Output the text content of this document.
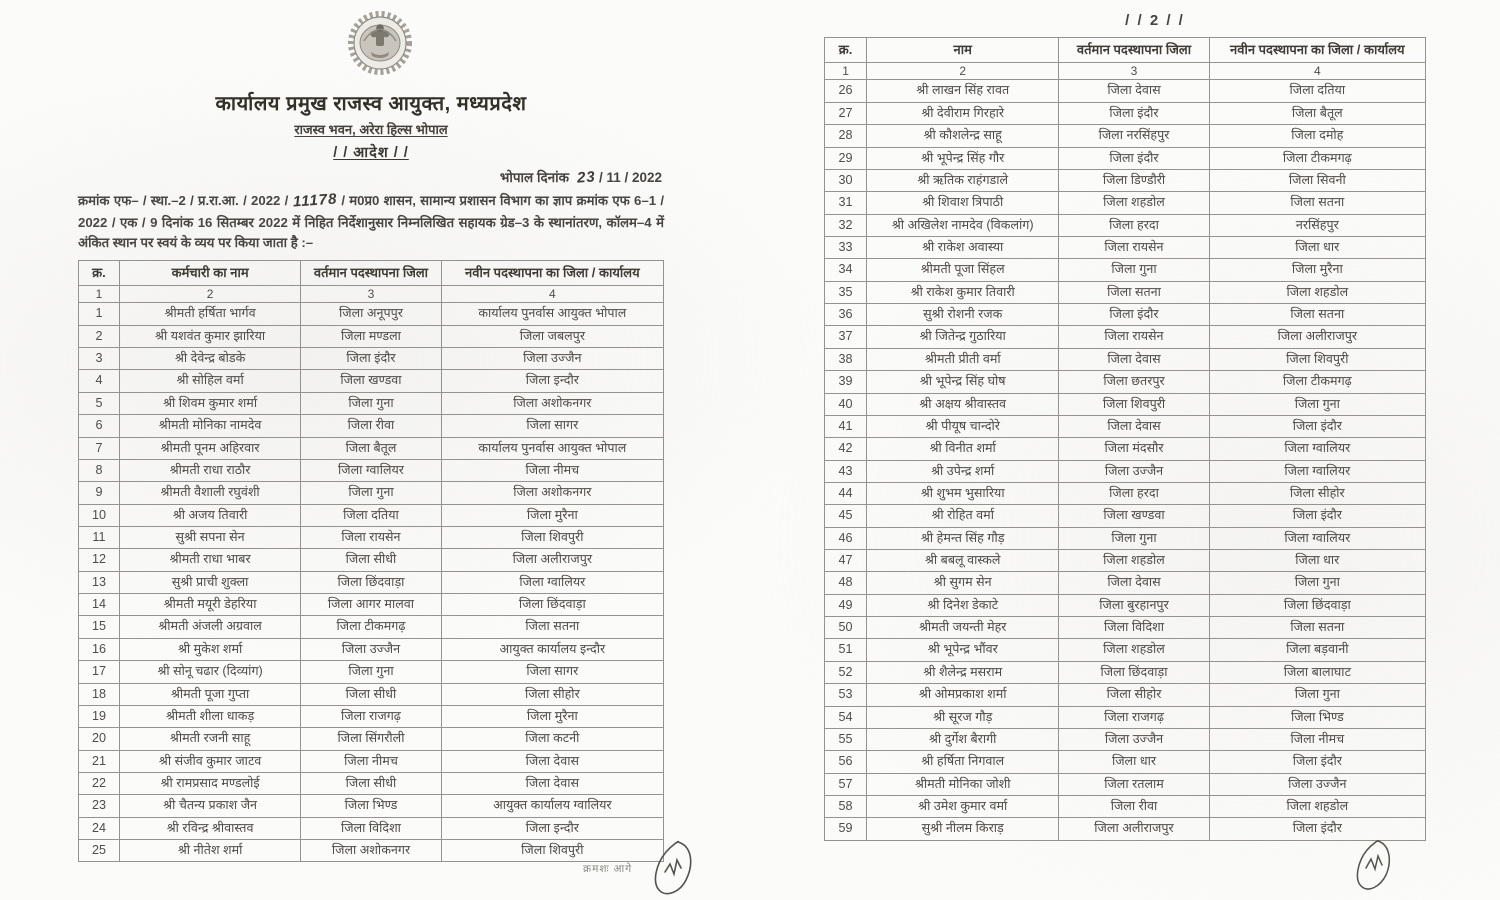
कार्यालय प्रमुख राजस्व आयुक्त, मध्यप्रदेश
राजस्व भवन, अरेरा हिल्स भोपाल
/ / आदेश / /
भोपाल दिनांक 23 / 11 / 2022
क्रमांक एफ– / स्था.–2 / प्र.रा.आ. / 2022 / 11178 / म0प्र0 शासन, सामान्य प्रशासन विभाग का ज्ञाप क्रमांक एफ 6–1 / 2022 / एक / 9 दिनांक 16 सितम्बर 2022 में निहित निर्देशानुसार निम्नलिखित सहायक ग्रेड–3 के स्थानांतरण, कॉलम–4 में अंकित स्थान पर स्वयं के व्यय पर किया जाता है :–
क्र.	कर्मचारी का नाम	वर्तमान पदस्थापना जिला	नवीन पदस्थापना का जिला / कार्यालय
1	2	3	4
1	श्रीमती हर्षिता भार्गव	जिला अनूपपुर	कार्यालय पुनर्वास आयुक्त भोपाल
2	श्री यशवंत कुमार झारिया	जिला मण्डला	जिला जबलपुर
3	श्री देवेन्द्र बोडके	जिला इंदौर	जिला उज्जैन
4	श्री सोहिल वर्मा	जिला खण्डवा	जिला इन्दौर
5	श्री शिवम कुमार शर्मा	जिला गुना	जिला अशोकनगर
6	श्रीमती मोनिका नामदेव	जिला रीवा	जिला सागर
7	श्रीमती पूनम अहिरवार	जिला बैतूल	कार्यालय पुनर्वास आयुक्त भोपाल
8	श्रीमती राधा राठौर	जिला ग्वालियर	जिला नीमच
9	श्रीमती वैशाली रघुवंशी	जिला गुना	जिला अशोकनगर
10	श्री अजय तिवारी	जिला दतिया	जिला मुरैना
11	सुश्री सपना सेन	जिला रायसेन	जिला शिवपुरी
12	श्रीमती राधा भाबर	जिला सीधी	जिला अलीराजपुर
13	सुश्री प्राची शुक्ला	जिला छिंदवाड़ा	जिला ग्वालियर
14	श्रीमती मयूरी डेहरिया	जिला आगर मालवा	जिला छिंदवाड़ा
15	श्रीमती अंजली अग्रवाल	जिला टीकमगढ़	जिला सतना
16	श्री मुकेश शर्मा	जिला उज्जैन	आयुक्त कार्यालय इन्दौर
17	श्री सोनू चढार (दिव्यांग)	जिला गुना	जिला सागर
18	श्रीमती पूजा गुप्ता	जिला सीधी	जिला सीहोर
19	श्रीमती शीला धाकड़	जिला राजगढ़	जिला मुरैना
20	श्रीमती रजनी साहू	जिला सिंगरौली	जिला कटनी
21	श्री संजीव कुमार जाटव	जिला नीमच	जिला देवास
22	श्री रामप्रसाद मण्डलोई	जिला सीधी	जिला देवास
23	श्री चैतन्य प्रकाश जैन	जिला भिण्ड	आयुक्त कार्यालय ग्वालियर
24	श्री रविन्द्र श्रीवास्तव	जिला विदिशा	जिला इन्दौर
25	श्री नीतेश शर्मा	जिला अशोकनगर	जिला शिवपुरी
/ / 2 / /
क्र.	नाम	वर्तमान पदस्थापना जिला	नवीन पदस्थापना का जिला / कार्यालय
1	2	3	4
26	श्री लाखन सिंह रावत	जिला देवास	जिला दतिया
27	श्री देवीराम गिरहारे	जिला इंदौर	जिला बैतूल
28	श्री कौशलेन्द्र साहू	जिला नरसिंहपुर	जिला दमोह
29	श्री भूपेन्द्र सिंह गौर	जिला इंदौर	जिला टीकमगढ़
30	श्री ऋतिक राहंगडाले	जिला डिण्डौरी	जिला सिवनी
31	श्री शिवाश त्रिपाठी	जिला शहडोल	जिला सतना
32	श्री अखिलेश नामदेव (विकलांग)	जिला हरदा	नरसिंहपुर
33	श्री राकेश अवास्या	जिला रायसेन	जिला धार
34	श्रीमती पूजा सिंहल	जिला गुना	जिला मुरैना
35	श्री राकेश कुमार तिवारी	जिला सतना	जिला शहडोल
36	सुश्री रोशनी रजक	जिला इंदौर	जिला सतना
37	श्री जितेन्द्र गुठारिया	जिला रायसेन	जिला अलीराजपुर
38	श्रीमती प्रीती वर्मा	जिला देवास	जिला शिवपुरी
39	श्री भूपेन्द्र सिंह घोष	जिला छतरपुर	जिला टीकमगढ़
40	श्री अक्षय श्रीवास्तव	जिला शिवपुरी	जिला गुना
41	श्री पीयूष चान्दोरे	जिला देवास	जिला इंदौर
42	श्री विनीत शर्मा	जिला मंदसौर	जिला ग्वालियर
43	श्री उपेन्द्र शर्मा	जिला उज्जैन	जिला ग्वालियर
44	श्री शुभम भुसारिया	जिला हरदा	जिला सीहोर
45	श्री रोहित वर्मा	जिला खण्डवा	जिला इंदौर
46	श्री हेमन्त सिंह गौड़	जिला गुना	जिला ग्वालियर
47	श्री बबलू वास्कले	जिला शहडोल	जिला धार
48	श्री सुगम सेन	जिला देवास	जिला गुना
49	श्री दिनेश डेकाटे	जिला बुरहानपुर	जिला छिंदवाड़ा
50	श्रीमती जयन्ती मेहर	जिला विदिशा	जिला सतना
51	श्री भूपेन्द्र भौंवर	जिला शहडोल	जिला बड़वानी
52	श्री शैलेन्द्र मसराम	जिला छिंदवाड़ा	जिला बालाघाट
53	श्री ओमप्रकाश शर्मा	जिला सीहोर	जिला गुना
54	श्री सूरज गौड़	जिला राजगढ़	जिला भिण्ड
55	श्री दुर्गेश बैरागी	जिला उज्जैन	जिला नीमच
56	श्री हर्षिता निगवाल	जिला धार	जिला इंदौर
57	श्रीमती मोनिका जोशी	जिला रतलाम	जिला उज्जैन
58	श्री उमेश कुमार वर्मा	जिला रीवा	जिला शहडोल
59	सुश्री नीलम किराड़	जिला अलीराजपुर	जिला इंदौर
क्रमशः आगे
